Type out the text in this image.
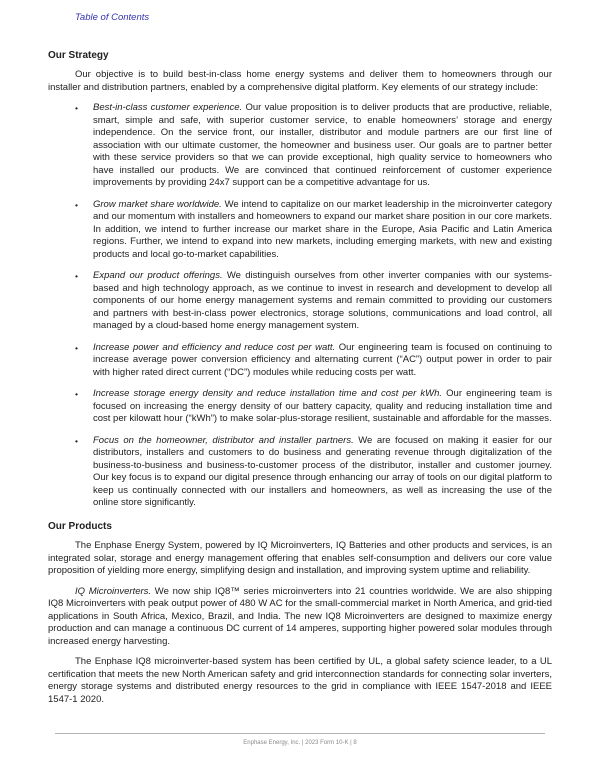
Table of Contents
Our Strategy

Our objective is to build best-in-class home energy systems and deliver them to homeowners through our installer and distribution partners, enabled by a comprehensive digital platform. Key elements of our strategy include:

•	Best-in-class customer experience. Our value proposition is to deliver products that are productive, reliable, smart, simple and safe, with superior customer service, to enable homeowners’ storage and energy independence. On the service front, our installer, distributor and module partners are our first line of association with our ultimate customer, the homeowner and business user. Our goals are to partner better with these service providers so that we can provide exceptional, high quality service to homeowners who have installed our products. We are convinced that continued reinforcement of customer experience improvements by providing 24x7 support can be a competitive advantage for us.

•	Grow market share worldwide. We intend to capitalize on our market leadership in the microinverter category and our momentum with installers and homeowners to expand our market share position in our core markets. In addition, we intend to further increase our market share in the Europe, Asia Pacific and Latin America regions. Further, we intend to expand into new markets, including emerging markets, with new and existing products and local go-to-market capabilities.

•	Expand our product offerings. We distinguish ourselves from other inverter companies with our systems-based and high technology approach, as we continue to invest in research and development to develop all components of our home energy management systems and remain committed to providing our customers and partners with best-in-class power electronics, storage solutions, communications and load control, all managed by a cloud-based home energy management system.

•	Increase power and efficiency and reduce cost per watt. Our engineering team is focused on continuing to increase average power conversion efficiency and alternating current (“AC”) output power in order to pair with higher rated direct current (“DC”) modules while reducing costs per watt.

•	Increase storage energy density and reduce installation time and cost per kWh. Our engineering team is focused on increasing the energy density of our battery capacity, quality and reducing installation time and cost per kilowatt hour (“kWh”) to make solar-plus-storage resilient, sustainable and affordable for the masses.

•	Focus on the homeowner, distributor and installer partners. We are focused on making it easier for our distributors, installers and customers to do business and generating revenue through digitalization of the business-to-business and business-to-customer process of the distributor, installer and customer journey. Our key focus is to expand our digital presence through enhancing our array of tools on our digital platform to keep us continually connected with our installers and homeowners, as well as increasing the use of the online store significantly.

Our Products

The Enphase Energy System, powered by IQ Microinverters, IQ Batteries and other products and services, is an integrated solar, storage and energy management offering that enables self-consumption and delivers our core value proposition of yielding more energy, simplifying design and installation, and improving system uptime and reliability.

IQ Microinverters. We now ship IQ8™ series microinverters into 21 countries worldwide. We are also shipping IQ8 Microinverters with peak output power of 480 W AC for the small-commercial market in North America, and grid-tied applications in South Africa, Mexico, Brazil, and India. The new IQ8 Microinverters are designed to maximize energy production and can manage a continuous DC current of 14 amperes, supporting higher powered solar modules through increased energy harvesting.

The Enphase IQ8 microinverter-based system has been certified by UL, a global safety science leader, to a UL certification that meets the new North American safety and grid interconnection standards for connecting solar inverters, energy storage systems and distributed energy resources to the grid in compliance with IEEE 1547-2018 and IEEE 1547-1 2020.

Enphase Energy, Inc. | 2023 Form 10-K | 8
